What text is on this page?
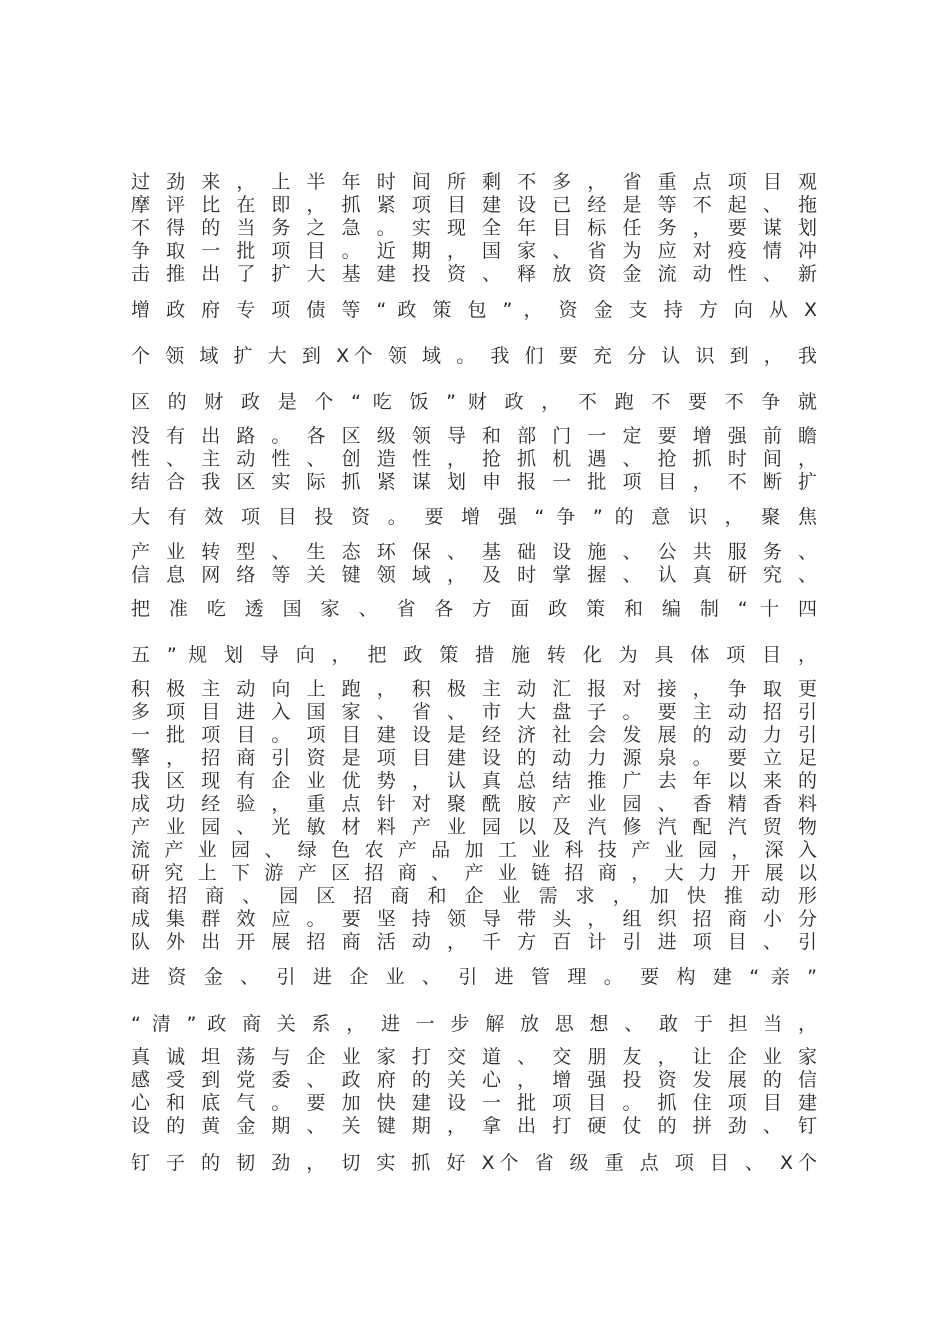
过 劲 来 ， 上 半 年 时 间 所 剩 不 多 ， 省 重 点 项 目 观
摩 评 比 在 即 ， 抓 紧 项 目 建 设 已 经 是 等 不 起 、 拖
不 得 的 当 务 之 急 。 实 现 全 年 目 标 任 务 ， 要 谋 划
争 取 一 批 项 目 。 近 期 ， 国 家 、 省 为 应 对 疫 情 冲
击 推 出 了 扩 大 基 建 投 资 、 释 放 资 金 流 动 性 、 新
增 政 府 专 项 债 等 “ 政 策 包 ” ， 资 金 支 持 方 向 从 X
个 领 域 扩 大 到 X个 领 域 。 我 们 要 充 分 认 识 到 ， 我
区 的 财 政 是 个 “ 吃 饭 ” 财 政 ， 不 跑 不 要 不 争 就
没 有 出 路 。 各 区 级 领 导 和 部 门 一 定 要 增 强 前 瞻
性 、 主 动 性 、 创 造 性 ， 抢 抓 机 遇 、 抢 抓 时 间 ，
结 合 我 区 实 际 抓 紧 谋 划 申 报 一 批 项 目 ， 不 断 扩
大 有 效 项 目 投 资 。 要 增 强 “ 争 ” 的 意 识 ， 聚 焦
产 业 转 型 、 生 态 环 保 、 基 础 设 施 、 公 共 服 务 、
信 息 网 络 等 关 键 领 域 ， 及 时 掌 握 、 认 真 研 究 、
把 准 吃 透 国 家 、 省 各 方 面 政 策 和 编 制 “ 十 四
五 ” 规 划 导 向 ， 把 政 策 措 施 转 化 为 具 体 项 目 ，
积 极 主 动 向 上 跑 ， 积 极 主 动 汇 报 对 接 ， 争 取 更
多 项 目 进 入 国 家 、 省 、 市 大 盘 子 。 要 主 动 招 引
一 批 项 目 。 项 目 建 设 是 经 济 社 会 发 展 的 动 力 引
擎 ， 招 商 引 资 是 项 目 建 设 的 动 力 源 泉 。 要 立 足
我 区 现 有 企 业 优 势 ， 认 真 总 结 推 广 去 年 以 来 的
成 功 经 验 ， 重 点 针 对 聚 酰 胺 产 业 园 、 香 精 香 料
产 业 园 、 光 敏 材 料 产 业 园 以 及 汽 修 汽 配 汽 贸 物
流 产 业 园 、 绿 色 农 产 品 加 工 业 科 技 产 业 园 ， 深 入
研 究 上 下 游 产 区 招 商 、 产 业 链 招 商 ， 大 力 开 展 以
商 招 商 、 园 区 招 商 和 企 业 需 求 ， 加 快 推 动 形
成 集 群 效 应 。 要 坚 持 领 导 带 头 ， 组 织 招 商 小 分
队 外 出 开 展 招 商 活 动 ， 千 方 百 计 引 进 项 目 、 引
进 资 金 、 引 进 企 业 、 引 进 管 理 。 要 构 建 “ 亲 ”
“ 清 ” 政 商 关 系 ， 进 一 步 解 放 思 想 、 敢 于 担 当 ，
真 诚 坦 荡 与 企 业 家 打 交 道 、 交 朋 友 ， 让 企 业 家
感 受 到 党 委 、 政 府 的 关 心 ， 增 强 投 资 发 展 的 信
心 和 底 气 。 要 加 快 建 设 一 批 项 目 。 抓 住 项 目 建
设 的 黄 金 期 、 关 键 期 ， 拿 出 打 硬 仗 的 拼 劲 、 钉
钉 子 的 韧 劲 ， 切 实 抓 好 X个 省 级 重 点 项 目 、 X个
